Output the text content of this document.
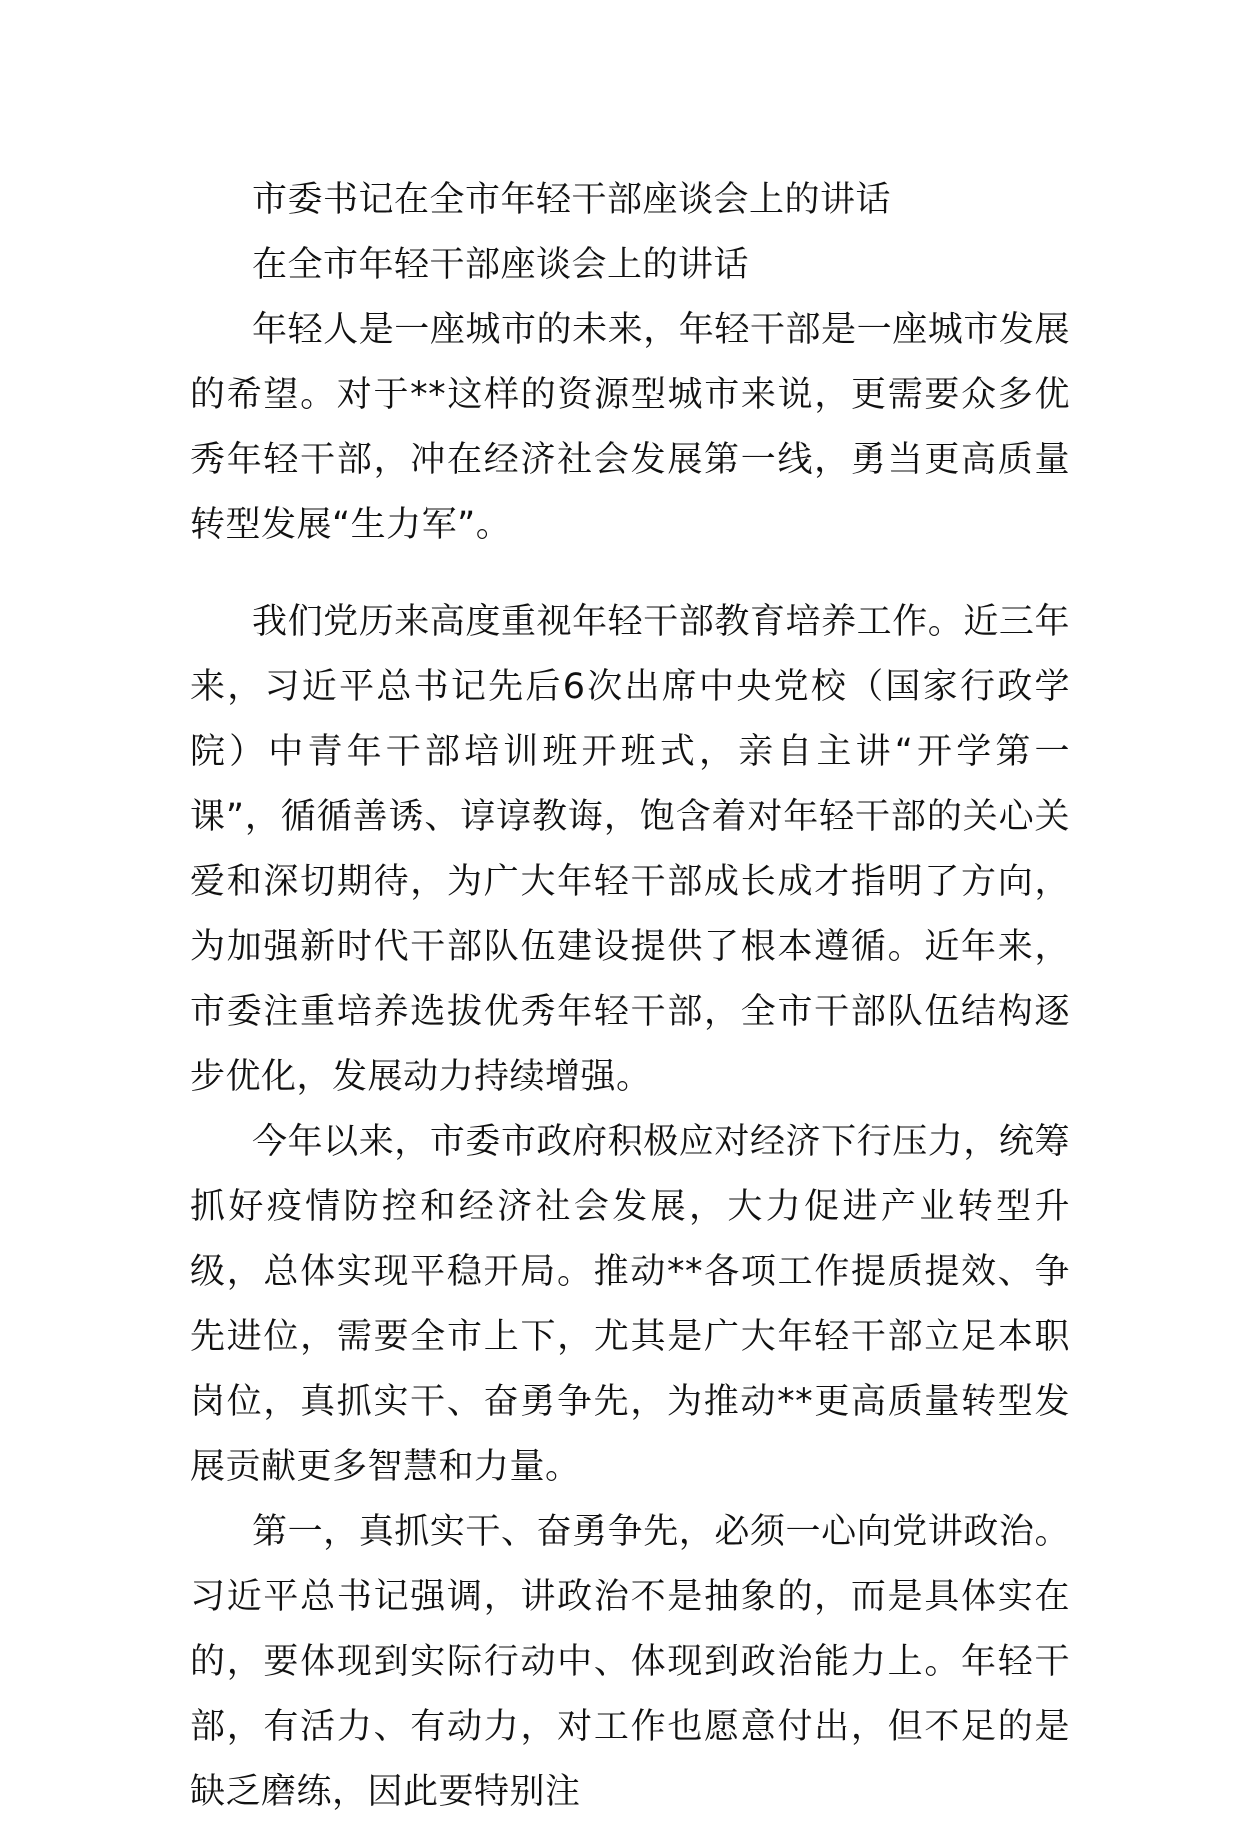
市委书记在全市年轻干部座谈会上的讲话

在全市年轻干部座谈会上的讲话

年轻人是一座城市的未来，年轻干部是一座城市发展的希望。对于**这样的资源型城市来说，更需要众多优秀年轻干部，冲在经济社会发展第一线，勇当更高质量转型发展“生力军”。

我们党历来高度重视年轻干部教育培养工作。近三年来，习近平总书记先后6次出席中央党校（国家行政学院）中青年干部培训班开班式，亲自主讲“开学第一课”，循循善诱、谆谆教诲，饱含着对年轻干部的关心关爱和深切期待，为广大年轻干部成长成才指明了方向，为加强新时代干部队伍建设提供了根本遵循。近年来，市委注重培养选拔优秀年轻干部，全市干部队伍结构逐步优化，发展动力持续增强。

今年以来，市委市政府积极应对经济下行压力，统筹抓好疫情防控和经济社会发展，大力促进产业转型升级，总体实现平稳开局。推动**各项工作提质提效、争先进位，需要全市上下，尤其是广大年轻干部立足本职岗位，真抓实干、奋勇争先，为推动**更高质量转型发展贡献更多智慧和力量。

第一，真抓实干、奋勇争先，必须一心向党讲政治。习近平总书记强调，讲政治不是抽象的，而是具体实在的，要体现到实际行动中、体现到政治能力上。年轻干部，有活力、有动力，对工作也愿意付出，但不足的是缺乏磨练，因此要特别注
